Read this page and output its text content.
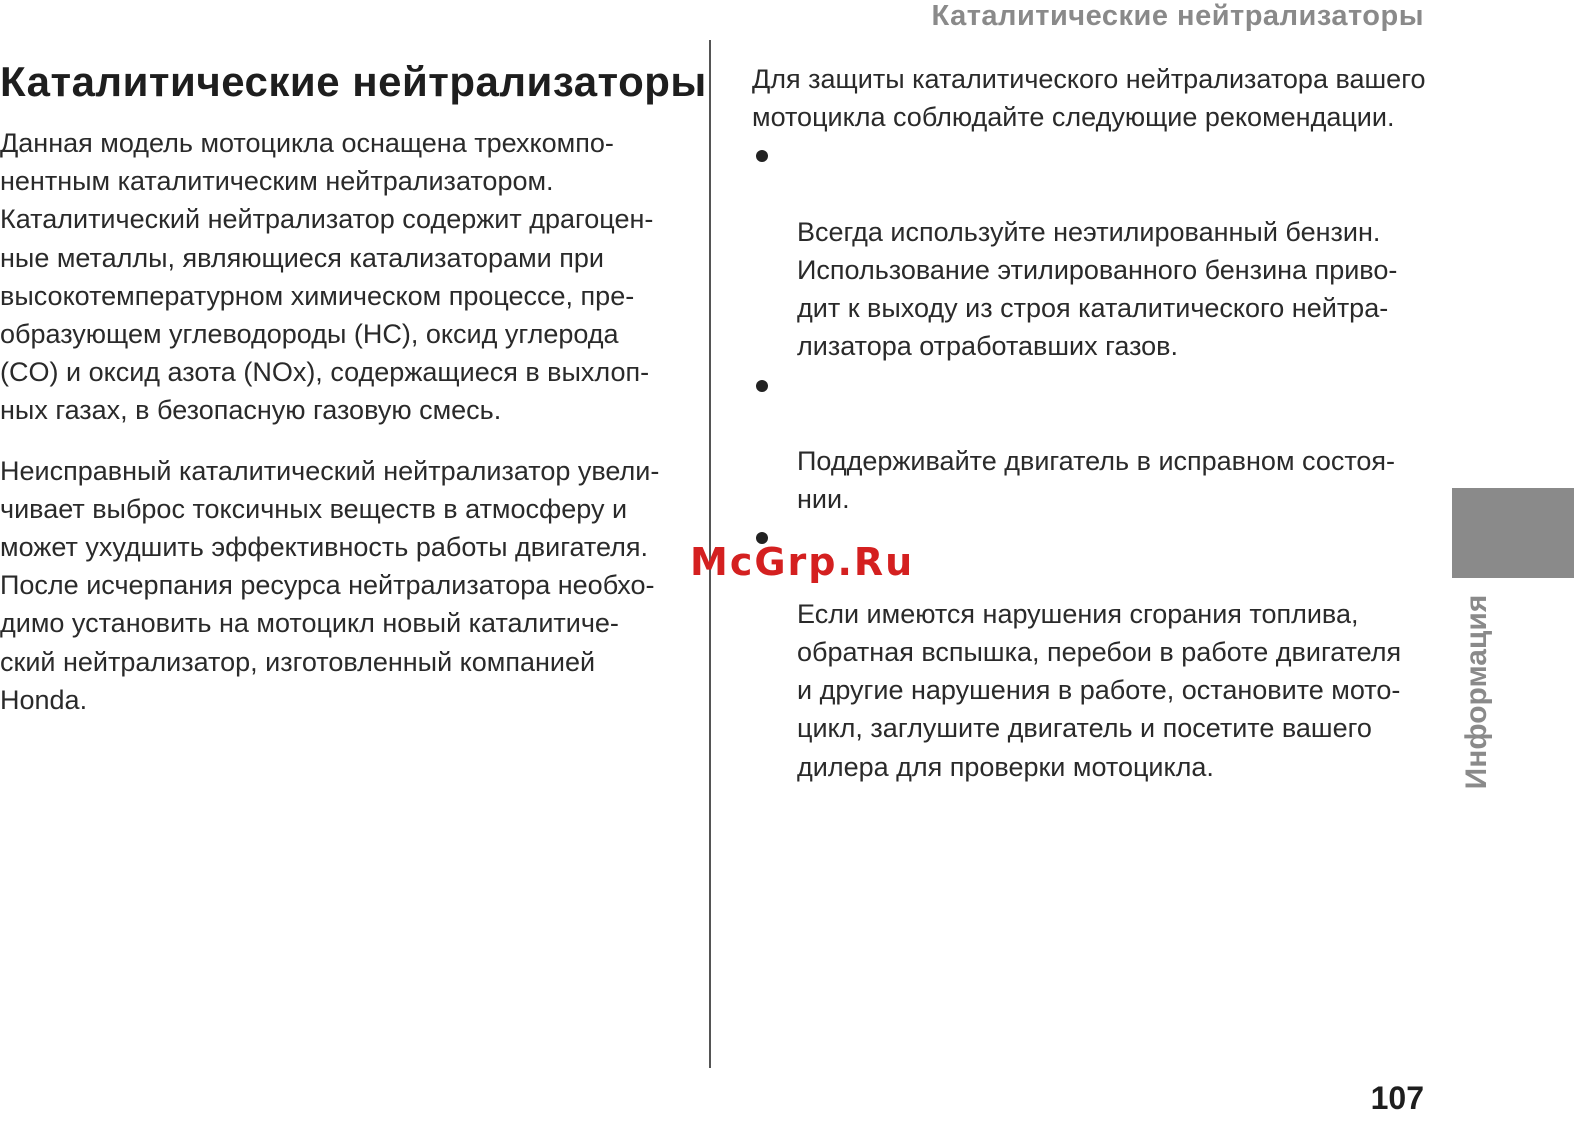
Каталитические нейтрализаторы
Каталитические нейтрализаторы

Данная модель мотоцикла оснащена трехкомпо-
нентным каталитическим нейтрализатором.
Каталитический нейтрализатор содержит драгоцен-
ные металлы, являющиеся катализаторами при
высокотемпературном химическом процессе, пре-
образующем углеводороды (HC), оксид углерода
(CO) и оксид азота (NOx), содержащиеся в выхлоп-
ных газах, в безопасную газовую смесь.

Неисправный каталитический нейтрализатор увели-
чивает выброс токсичных веществ в атмосферу и
может ухудшить эффективность работы двигателя.
После исчерпания ресурса нейтрализатора необхо-
димо установить на мотоцикл новый каталитиче-
ский нейтрализатор, изготовленный компанией
Honda.

Для защиты каталитического нейтрализатора вашего
мотоцикла соблюдайте следующие рекомендации.

Всегда используйте неэтилированный бензин.
Использование этилированного бензина приво-
дит к выходу из строя каталитического нейтра-
лизатора отработавших газов.

Поддерживайте двигатель в исправном состоя-
нии.

Если имеются нарушения сгорания топлива,
обратная вспышка, перебои в работе двигателя
и другие нарушения в работе, остановите мото-
цикл, заглушите двигатель и посетите вашего
дилера для проверки мотоцикла.	Информация
107
McGrp.Ru
